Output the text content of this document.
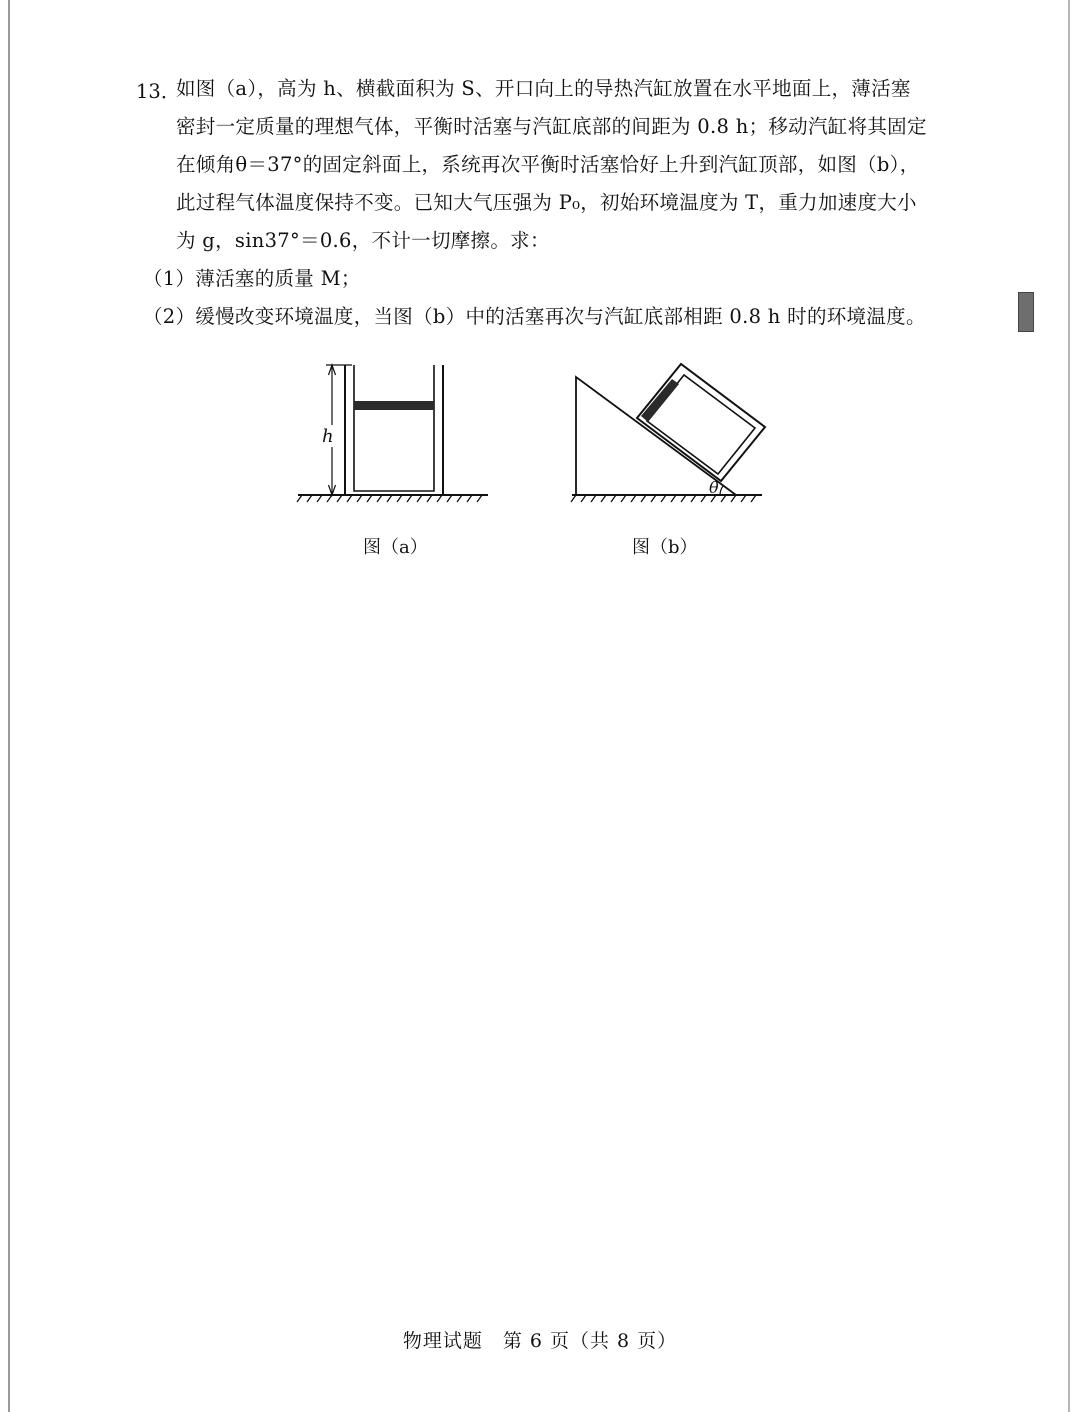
13．
如图（a），高为 h、横截面积为 S、开口向上的导热汽缸放置在水平地面上，薄活塞
密封一定质量的理想气体，平衡时活塞与汽缸底部的间距为 0.8 h；移动汽缸将其固定
在倾角θ＝37°的固定斜面上，系统再次平衡时活塞恰好上升到汽缸顶部，如图（b），
此过程气体温度保持不变。已知大气压强为 P₀，初始环境温度为 T，重力加速度大小
为 g，sin37°＝0.6，不计一切摩擦。求：
（1）薄活塞的质量 M；
（2）缓慢改变环境温度，当图（b）中的活塞再次与汽缸底部相距 0.8 h 时的环境温度。
h
θ
图（a）	图（b）
物理试题　第 6 页（共 8 页）
